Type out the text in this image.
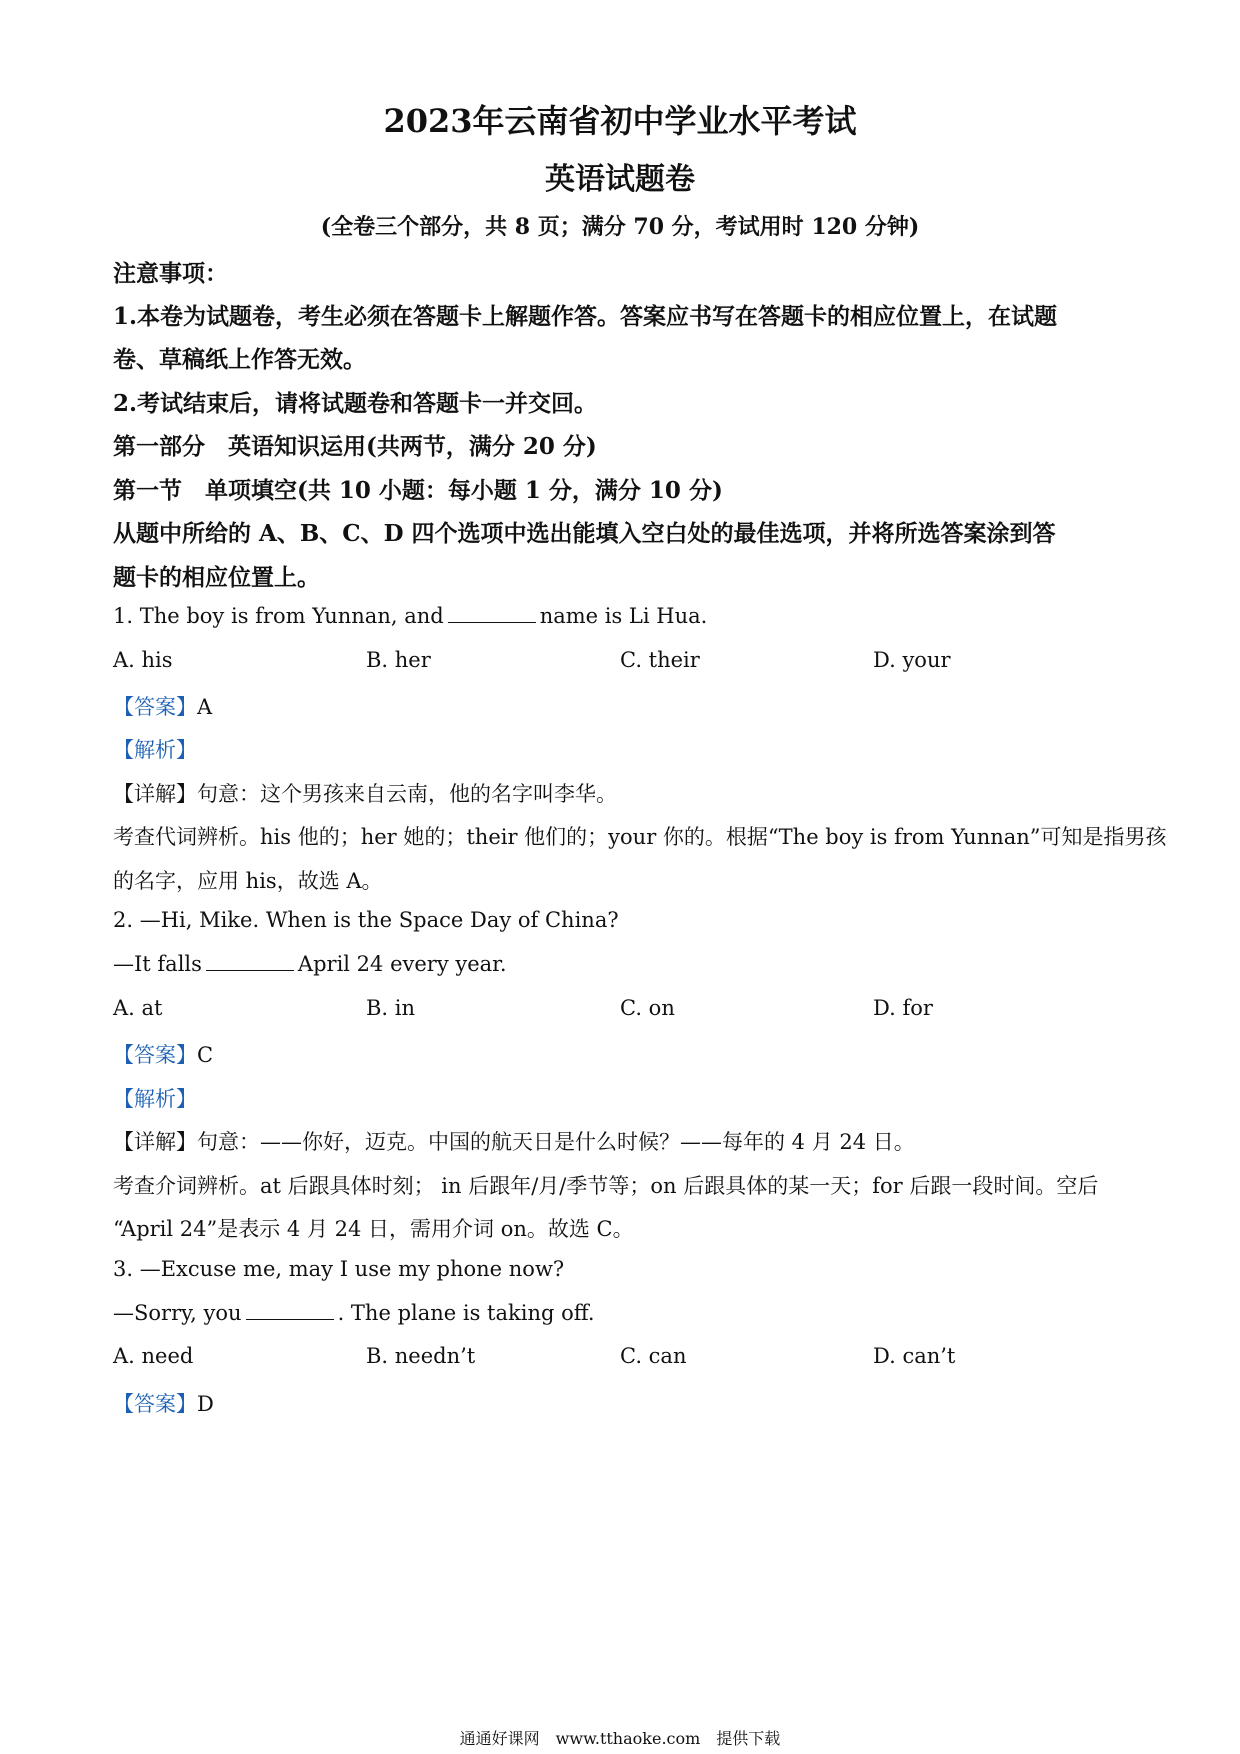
2023年云南省初中学业水平考试
英语试题卷
(全卷三个部分，共 8 页；满分 70 分，考试用时 120 分钟)
注意事项：
1.本卷为试题卷，考生必须在答题卡上解题作答。答案应书写在答题卡的相应位置上，在试题
卷、草稿纸上作答无效。
2.考试结束后，请将试题卷和答题卡一并交回。
第一部分　英语知识运用(共两节，满分 20 分)
第一节　单项填空(共 10 小题：每小题 1 分，满分 10 分)
从题中所给的 A、B、C、D 四个选项中选出能填入空白处的最佳选项，并将所选答案涂到答
题卡的相应位置上。
1. The boy is from Yunnan, and	name is Li Hua.
A. his	B. her	C. their	D. your
【答案】A
【解析】
【详解】句意：这个男孩来自云南，他的名字叫李华。
考查代词辨析。his 他的；her 她的；their 他们的；your 你的。根据“The boy is from Yunnan”可知是指男孩
的名字，应用 his，故选 A。
2. —Hi, Mike. When is the Space Day of China?
—It falls	April 24 every year.
A. at	B. in	C. on	D. for
【答案】C
【解析】
【详解】句意：——你好，迈克。中国的航天日是什么时候？——每年的 4 月 24 日。
考查介词辨析。at 后跟具体时刻； in 后跟年/月/季节等；on 后跟具体的某一天；for 后跟一段时间。空后
“April 24”是表示 4 月 24 日，需用介词 on。故选 C。
3. —Excuse me, may I use my phone now?
—Sorry, you	. The plane is taking off.
A. need	B. needn’t	C. can	D. can’t
【答案】D
通通好课网　www.tthaoke.com　提供下载
